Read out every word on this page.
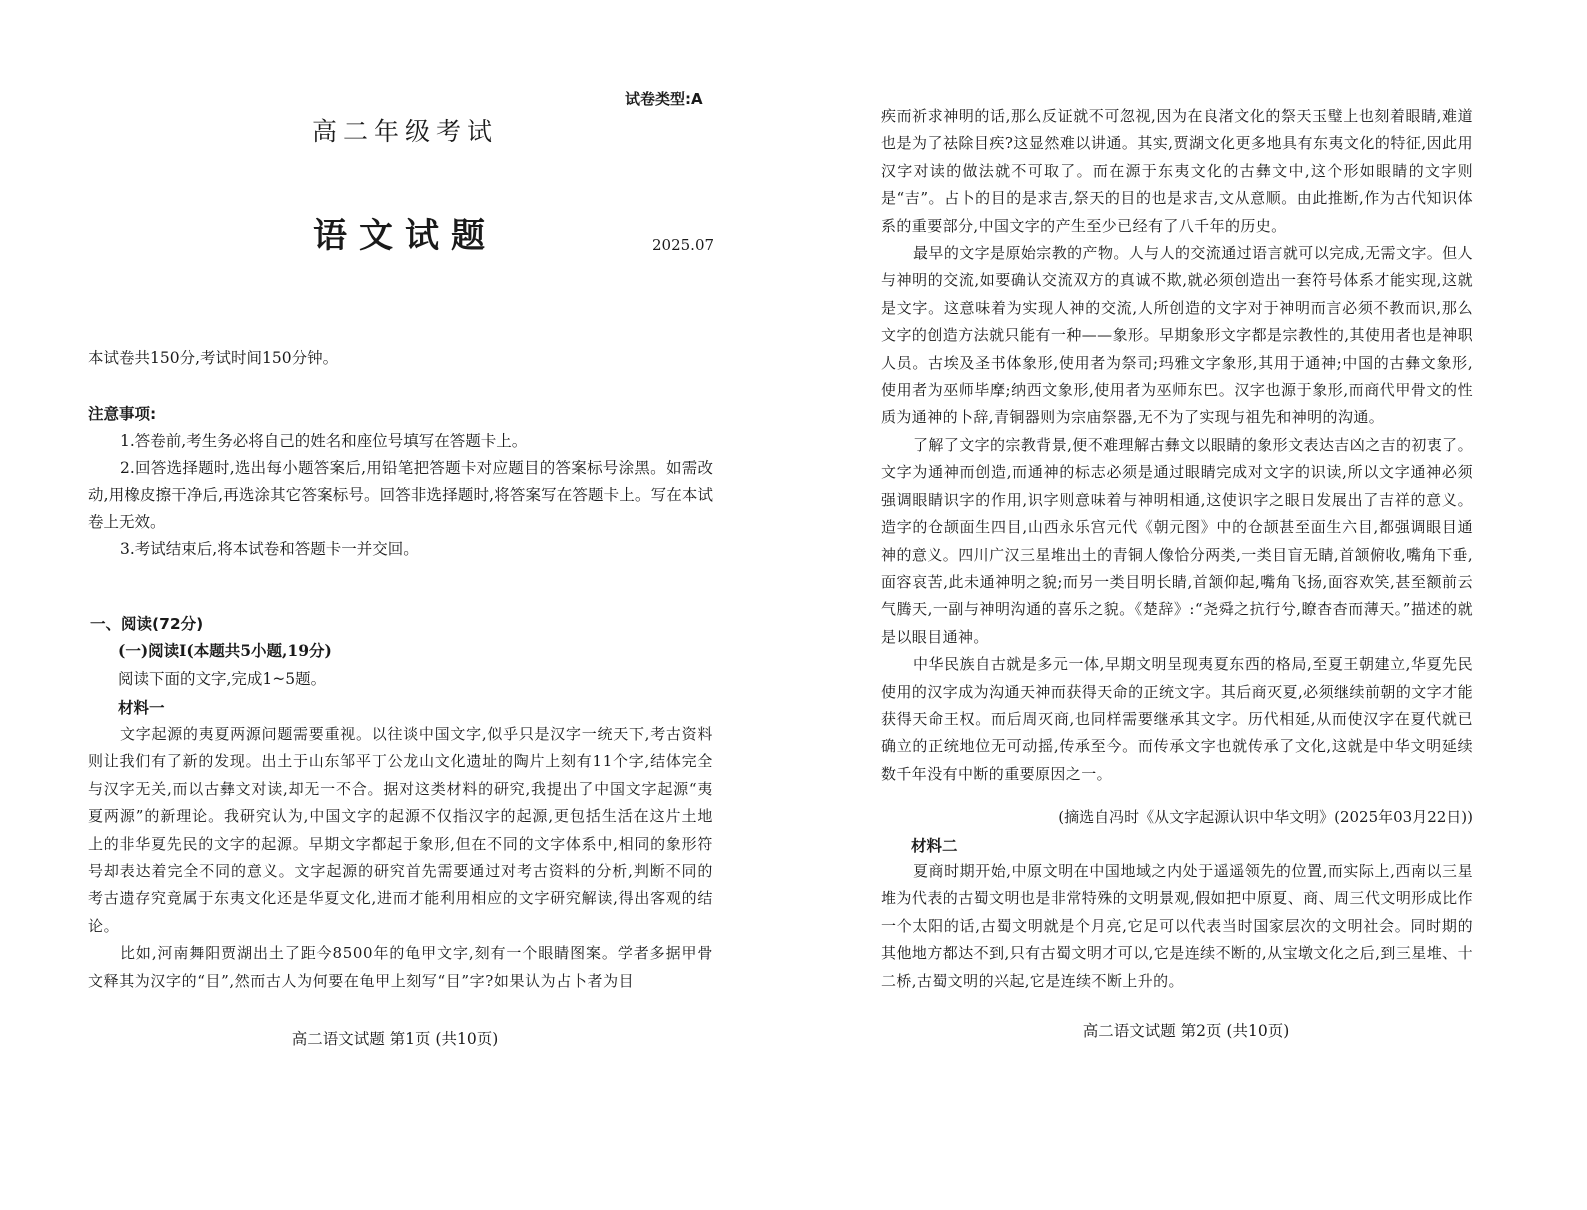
试卷类型:A
高二年级考试
语文试题	2025.07
本试卷共150分,考试时间150分钟。
注意事项:

1.答卷前,考生务必将自己的姓名和座位号填写在答题卡上。

2.回答选择题时,选出每小题答案后,用铅笔把答题卡对应题目的答案标号涂黑。如需改动,用橡皮擦干净后,再选涂其它答案标号。回答非选择题时,将答案写在答题卡上。写在本试卷上无效。

3.考试结束后,将本试卷和答题卡一并交回。

一、阅读(72分)
(一)阅读Ⅰ(本题共5小题,19分)
阅读下面的文字,完成1~5题。
材料一

文字起源的夷夏两源问题需要重视。以往谈中国文字,似乎只是汉字一统天下,考古资料则让我们有了新的发现。出土于山东邹平丁公龙山文化遗址的陶片上刻有11个字,结体完全与汉字无关,而以古彝文对读,却无一不合。据对这类材料的研究,我提出了中国文字起源“夷夏两源”的新理论。我研究认为,中国文字的起源不仅指汉字的起源,更包括生活在这片土地上的非华夏先民的文字的起源。早期文字都起于象形,但在不同的文字体系中,相同的象形符号却表达着完全不同的意义。文字起源的研究首先需要通过对考古资料的分析,判断不同的考古遗存究竟属于东夷文化还是华夏文化,进而才能利用相应的文字研究解读,得出客观的结论。

比如,河南舞阳贾湖出土了距今8500年的龟甲文字,刻有一个眼睛图案。学者多据甲骨文释其为汉字的“目”,然而古人为何要在龟甲上刻写“目”字?如果认为占卜者为目

高二语文试题 第1页 (共10页)

疾而祈求神明的话,那么反证就不可忽视,因为在良渚文化的祭天玉璧上也刻着眼睛,难道也是为了祛除目疾?这显然难以讲通。其实,贾湖文化更多地具有东夷文化的特征,因此用汉字对读的做法就不可取了。而在源于东夷文化的古彝文中,这个形如眼睛的文字则是“吉”。占卜的目的是求吉,祭天的目的也是求吉,文从意顺。由此推断,作为古代知识体系的重要部分,中国文字的产生至少已经有了八千年的历史。

最早的文字是原始宗教的产物。人与人的交流通过语言就可以完成,无需文字。但人与神明的交流,如要确认交流双方的真诚不欺,就必须创造出一套符号体系才能实现,这就是文字。这意味着为实现人神的交流,人所创造的文字对于神明而言必须不教而识,那么文字的创造方法就只能有一种——象形。早期象形文字都是宗教性的,其使用者也是神职人员。古埃及圣书体象形,使用者为祭司;玛雅文字象形,其用于通神;中国的古彝文象形,使用者为巫师毕摩;纳西文象形,使用者为巫师东巴。汉字也源于象形,而商代甲骨文的性质为通神的卜辞,青铜器则为宗庙祭器,无不为了实现与祖先和神明的沟通。

了解了文字的宗教背景,便不难理解古彝文以眼睛的象形文表达吉凶之吉的初衷了。文字为通神而创造,而通神的标志必须是通过眼睛完成对文字的识读,所以文字通神必须强调眼睛识字的作用,识字则意味着与神明相通,这使识字之眼日发展出了吉祥的意义。造字的仓颉面生四目,山西永乐宫元代《朝元图》中的仓颉甚至面生六目,都强调眼目通神的意义。四川广汉三星堆出土的青铜人像恰分两类,一类目盲无睛,首颔俯收,嘴角下垂,面容哀苦,此未通神明之貌;而另一类目明长睛,首颔仰起,嘴角飞扬,面容欢笑,甚至额前云气腾天,一副与神明沟通的喜乐之貌。《楚辞》:“尧舜之抗行兮,瞭杳杳而薄天。”描述的就是以眼目通神。

中华民族自古就是多元一体,早期文明呈现夷夏东西的格局,至夏王朝建立,华夏先民使用的汉字成为沟通天神而获得天命的正统文字。其后商灭夏,必须继续前朝的文字才能获得天命王权。而后周灭商,也同样需要继承其文字。历代相延,从而使汉字在夏代就已确立的正统地位无可动摇,传承至今。而传承文字也就传承了文化,这就是中华文明延续数千年没有中断的重要原因之一。

(摘选自冯时《从文字起源认识中华文明》(2025年03月22日))
材料二

夏商时期开始,中原文明在中国地域之内处于遥遥领先的位置,而实际上,西南以三星堆为代表的古蜀文明也是非常特殊的文明景观,假如把中原夏、商、周三代文明形成比作一个太阳的话,古蜀文明就是个月亮,它足可以代表当时国家层次的文明社会。同时期的其他地方都达不到,只有古蜀文明才可以,它是连续不断的,从宝墩文化之后,到三星堆、十二桥,古蜀文明的兴起,它是连续不断上升的。

高二语文试题 第2页 (共10页)
